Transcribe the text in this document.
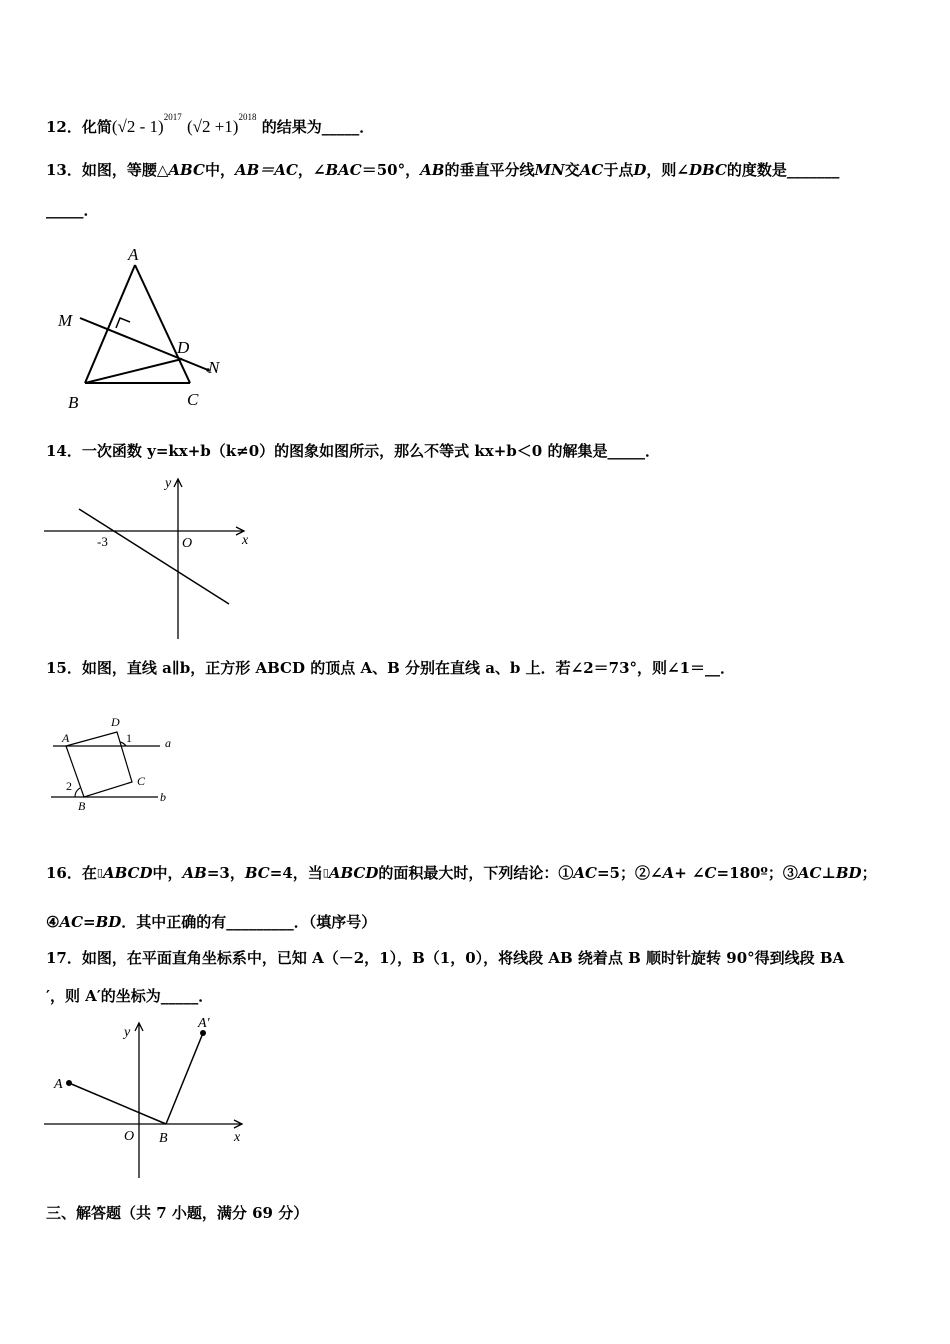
12．化简(√2 - 1)$^{2017}$ $(√2 +1)^{2018}$ 的结果为_____．
13．如图，等腰△ABC中，AB＝AC，∠BAC＝50°，AB的垂直平分线MN交AC于点D，则∠DBC的度数是_______
_____．
A
B	C
D
M
N
14．一次函数 y=kx+b（k≠0）的图象如图所示，那么不等式 kx+b＜0 的解集是_____．
x
y
O
-3
15．如图，直线 a∥b，正方形 ABCD 的顶点 A、B 分别在直线 a、b 上．若∠2＝73°，则∠1＝__．
A
B
C
D
a
b
1
2
16．在▯ABCD中，AB=3，BC=4，当▯ABCD的面积最大时，下列结论：①AC=5；②∠A+ ∠C=180º；③AC⊥BD；
④AC=BD．其中正确的有_________．（填序号）
17．如图，在平面直角坐标系中，已知 A（－2，1），B（1，0），将线段 AB 绕着点 B 顺时针旋转 90°得到线段 BA
′，则 A′的坐标为_____．
x
y
O
A
B
A′
三、解答题（共 7 小题，满分 69 分）
